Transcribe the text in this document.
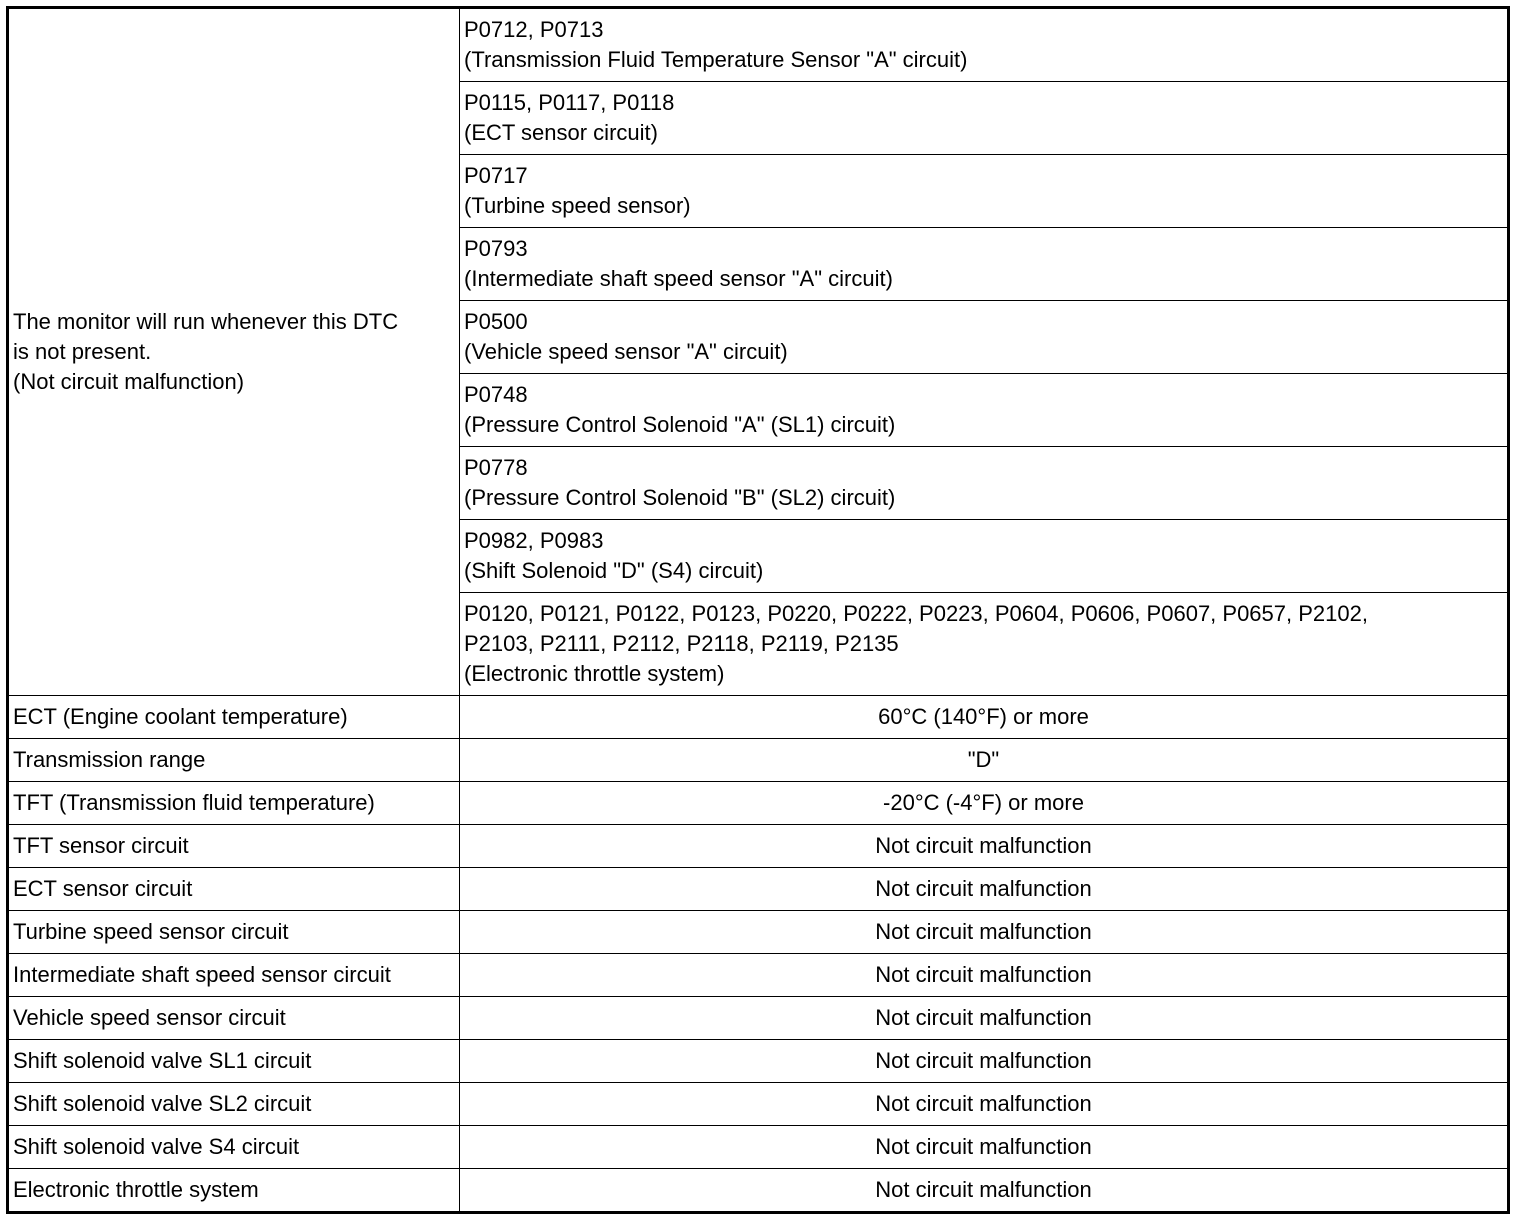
The monitor will run whenever this DTC
is not present.
(Not circuit malfunction)	P0712, P0713
(Transmission Fluid Temperature Sensor "A" circuit)

	P0115, P0117, P0118
(ECT sensor circuit)

	P0717
(Turbine speed sensor)

	P0793
(Intermediate shaft speed sensor "A" circuit)

	P0500
(Vehicle speed sensor "A" circuit)

	P0748
(Pressure Control Solenoid "A" (SL1) circuit)

	P0778
(Pressure Control Solenoid "B" (SL2) circuit)

	P0982, P0983
(Shift Solenoid "D" (S4) circuit)

	P0120, P0121, P0122, P0123, P0220, P0222, P0223, P0604, P0606, P0607, P0657, P2102,
P2103, P2111, P2112, P2118, P2119, P2135
(Electronic throttle system)

ECT (Engine coolant temperature)	60°C (140°F) or more
Transmission range	"D"
TFT (Transmission fluid temperature)	-20°C (-4°F) or more
TFT sensor circuit	Not circuit malfunction
ECT sensor circuit	Not circuit malfunction
Turbine speed sensor circuit	Not circuit malfunction
Intermediate shaft speed sensor circuit	Not circuit malfunction
Vehicle speed sensor circuit	Not circuit malfunction
Shift solenoid valve SL1 circuit	Not circuit malfunction
Shift solenoid valve SL2 circuit	Not circuit malfunction
Shift solenoid valve S4 circuit	Not circuit malfunction
Electronic throttle system	Not circuit malfunction
